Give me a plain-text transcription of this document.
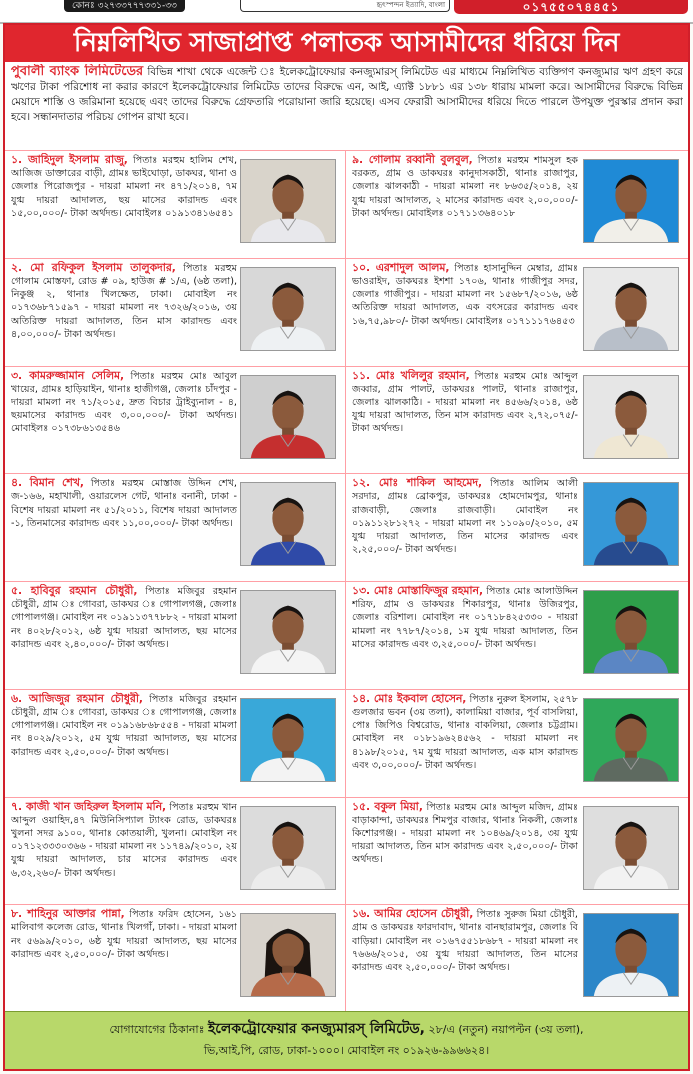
কোনঃ ৩২৭৩৩৭৭৭৩৩১-৩৩	হৃৎস্পন্দন ইত্যাদি, বাংলা	০১৭৫৫০৭৪৪৫১
নিম্নলিখিত সাজাপ্রাপ্ত পলাতক আসামীদের ধরিয়ে দিন
পুবালী ব্যাংক লিমিটেডের বিভিন্ন শাখা থেকে এজেন্ট ঃ ইলেকট্রোফেয়ার কনজ্যুমারস্ লিমিটেড এর মাধ্যমে নিম্নলিখিত ব্যক্তিগণ কনজ্যুমার ঋণ গ্রহণ করে ঋণের টাকা পরিশোধ না করার কারণে ইলেকট্রোফেয়ার লিমিটেড তাদের বিরুদ্ধে এন, আই, এ্যাক্ট ১৮৮১ এর ১৩৮ ধারায় মামলা করে। আসামীদের বিরুদ্ধে বিভিন্ন মেয়াদে শাস্তি ও জরিমানা হয়েছে এবং তাদের বিরুদ্ধে গ্রেফতারি পরোয়ানা জারি হয়েছে। এসব ফেরারী আসামীদের ধরিয়ে দিতে পারলে উপযুক্ত পুরস্কার প্রদান করা হবে। সন্ধানদাতার পরিচয় গোপন রাখা হবে।
১. জাহিদুল ইসলাম রাজু, পিতাঃ মরহুম হালিম শেখ, আজিজ ডাক্তারের বাড়ী, গ্রামঃ ভাইঘোড়া, ডাকঘর, থানা ও জেলাঃ পিরোজপুর - দায়রা মামলা নং ৪৭১/২০১৪, ৭ম যুগ্ম দায়রা আদালত, ছয় মাসের কারাদন্ড এবং ১৫,০০,০০০/- টাকা অর্থদন্ড। মোবাইলঃ ০১৯১৩৪১৬৫৪১
৯. গোলাম রব্বানী বুলবুল, পিতাঃ মরহুম শামসুল হক বরকত, গ্রাম ও ডাকঘরঃ কানুদাসকাঠী, থানাঃ রাজাপুর, জেলাঃ ঝালকাঠী - দায়রা মামলা নং ৮৬৩৫/২০১৪, ২য় যুগ্ম দায়রা আদালত, ২ মাসের কারাদন্ড এবং ২,০০,০০০/- টাকা অর্থদন্ড। মোবাইলঃ ০১৭১১৩৬৪০১৮
২. মো রফিকুল ইসলাম তালুকদার, পিতাঃ মরহুম গোলাম মোস্তফা, রোড # ০৯, হাউজ # ১/এ, (৬ষ্ঠ তলা), নিকুঞ্জ ২, থানাঃ খিলক্ষেত, ঢাকা। মোবাইল নং ০১৭৩৬৮৭১৫৯৭ - দায়রা মামলা নং ৭৩২৬/২০১৬, ৩য় অতিরিক্ত দায়রা আদালত, তিন মাস কারাদন্ড এবং ৪,০০,০০০/- টাকা অর্থদন্ড।
১০. এরশাদুল আলম, পিতাঃ হাসানুদ্দিন মেম্বার, গ্রামঃ ভাওরাইদ, ডাকঘরঃ ইশশা ১৭০৬, থানাঃ গাজীপুর সদর, জেলাঃ গাজীপুর। - দায়রা মামলা নং ১৫৬৮৭/২০১৬, ৬ষ্ঠ অতিরিক্ত দায়রা আদালত, এক বৎসরের কারাদন্ড এবং ১৬,৭৫,৯৮০/- টাকা অর্থদন্ড। মোবাইলঃ ০১৭১১১৭৬৪৫৩
৩. কামরুজ্জামান সেলিম, পিতাঃ মরহুম মোঃ আবুল খায়ের, গ্রামঃ হাড়িয়াইন, থানাঃ হাজীগঞ্জ, জেলাঃ চাঁদপুর - দায়রা মামলা নং ৭১/২০১৫, দ্রুত বিচার ট্রাইব্যুনাল - ৪, ছয়মাসের কারাদন্ড এবং ৩,০০,০০০/- টাকা অর্থদন্ড। মোবাইলঃ ০১৭৩৮৬১৩৫৪৬
১১. মোঃ খলিলুর রহমান, পিতাঃ মরহুম মোঃ আব্দুল জব্বার, গ্রাম পালট, ডাকঘরঃ পালট, থানাঃ রাজাপুর, জেলাঃ ঝালকাঠি। - দায়রা মামলা নং ৪৫৬৬/২০১৪, ৬ষ্ঠ যুগ্ম দায়রা আদালত, তিন মাস কারাদন্ড এবং ২,৭২,০৭৫/- টাকা অর্থদন্ড।
৪. বিমান শেখ, পিতাঃ মরহুম মোস্তাজ উদ্দিন শেখ, জ-১৬৬, মহাখালী, ওয়ারলেস গেট, থানাঃ বনানী, ঢাকা - বিশেষ দায়রা মামলা নং ৫১/২০১১, বিশেষ দায়রা আদালত -১, তিনমাসের কারাদন্ড এবং ১১,০০,০০০/- টাকা অর্থদন্ড।
১২. মোঃ শাকিল আহমেদ, পিতাঃ আলিম আলী সরদার, গ্রামঃ ব্রোকপুর, ডাকঘরঃ হোমদোমপুর, থানাঃ রাজবাড়ী, জেলাঃ রাজবাড়ী। মোবাইল নং ০১৯১১২৮১২৭২ - দায়রা মামলা নং ১১০৯০/২০১০, ৫ম যুগ্ম দায়রা আদালত, তিন মাসের কারাদন্ড এবং ২,২৫,০০০/- টাকা অর্থদন্ড।
৫. হাবিবুর রহমান চৌধুরী, পিতাঃ মজিবুর রহমান চৌধুরী, গ্রাম ঃ গোবরা, ডাকঘর ঃ গোপালগঞ্জ, জেলাঃ গোপালগঞ্জ। মোবাইল নং ০১৯১১৩৭৭৮৮২ - দায়রা মামলা নং ৪০২৮/২০১২, ৬ষ্ঠ যুগ্ম দায়রা আদালত, ছয় মাসের কারাদন্ড এবং ২,৪০,০০০/- টাকা অর্থদন্ড।
১৩. মোঃ মোস্তাফিজুর রহমান, পিতাঃ মোঃ আলাউদ্দিন শরিফ, গ্রাম ও ডাকঘরঃ শিকারপুর, থানাঃ উজিরপুর, জেলাঃ বরিশাল। মোবাইল নং ০১৭১৮৪২৫৩৩০ - দায়রা মামলা নং ৭৭৮৭/২০১৪, ১ম যুগ্ম দায়রা আদালত, তিন মাসের কারাদন্ড এবং ৩,২৫,০০০/- টাকা অর্থদন্ড।
৬. আজিজুর রহমান চৌধুরী, পিতাঃ মজিবুর রহমান চৌধুরী, গ্রাম ঃ গোবরা, ডাকঘর ঃ গোপালগঞ্জ, জেলাঃ গোপালগঞ্জ। মোবাইল নং ০১৯১৬৮৬৮৫৫৪ - দায়রা মামলা নং ৪০২৯/২০১২, ৫ম যুগ্ম দায়রা আদালত, ছয় মাসের কারাদন্ড এবং ২,৫০,০০০/- টাকা অর্থদন্ড।
১৪. মোঃ ইকবাল হোসেন, পিতাঃ নুরুল ইসলাম, ২৫৭৮ গুলজার ভবন (৩য় তলা), কালামিয়া বাজার, পূর্ব বাসলিয়া, পোঃ জিপিও বিশ্বরোড, থানাঃ বাকলিয়া, জেলাঃ চট্টগ্রাম। মোবাইল নং ০১৮১৯৬২৪৫৬২ - দায়রা মামলা নং ৪১৯৮/২০১৫, ৭ম যুগ্ম দায়রা আদালত, এক মাস কারাদন্ড এবং ৩,০০,০০০/- টাকা অর্থদন্ড।
৭. কাজী খান জহিরুল ইসলাম মনি, পিতাঃ মরহুম খান আব্দুল ওয়াহিদ,৪৭ মিউনিসিপ্যাল ট্যাংক রোড, ডাকঘরঃ খুলনা সদর ৯১০০, থানাঃ কোতয়ালী, খুলনা। মোবাইল নং ০১৭১২৩৩৩০৩৬৬ - দায়রা মামলা নং ১১৭৪৯/২০১০, ২য় যুগ্ম দায়রা আদালত, চার মাসের কারাদন্ড এবং ৬,৩২,২৬০/- টাকা অর্থদন্ড।
১৫. বকুল মিয়া, পিতাঃ মরহুম মোঃ আব্দুল মজিদ, গ্রামঃ বাড়াকান্দা, ডাকঘরঃ শিমপুর বাজার, থানাঃ নিকলী, জেলাঃ কিশোরগঞ্জ। - দায়রা মামলা নং ১০৪৬৯/২০১৪, ৩য় যুগ্ম দায়রা আদালত, তিন মাস কারাদন্ড এবং ২,৫০,০০০/- টাকা অর্থদন্ড।
৮. শাহিনুর আক্তার পান্না, পিতাঃ ফরিদ হোসেন, ১৬১ মালিবাগ কলেজ রোড, থানাঃ খিলগাঁ, ঢাকা। - দায়রা মামলা নং ৫৬৯৯/২০১০, ৬ষ্ঠ যুগ্ম দায়রা আদালত, ছয় মাসের কারাদন্ড এবং ২,৫০,০০০/- টাকা অর্থদন্ড।
১৬. আমির হোসেন চৌধুরী, পিতাঃ সুরুজ মিয়া চৌধুরী, গ্রাম ও ডাকঘরঃ ফারদাবাদ, থানাঃ বানছারামপুর, জেলাঃ বি বাড়িয়া। মোবাইল নং ০১৬৭৫৫১৮৬৮৭ - দায়রা মামলা নং ৭৬৬৬/২০১৫, ৩য় যুগ্ম দায়রা আদালত, তিন মাসের কারাদন্ড এবং ২,৫০,০০০/- টাকা অর্থদন্ড।
যোগাযোগের ঠিকানাঃ ইলেকট্রোফেয়ার কনজ্যুমারস্ লিমিটেড, ২৮/এ (নতুন) নয়াপল্টন (৩য় তলা),
ভি,আই,পি, রোড, ঢাকা-১০০০। মোবাইল নং ০১৯২৬-৯৯৬৬২৪।
